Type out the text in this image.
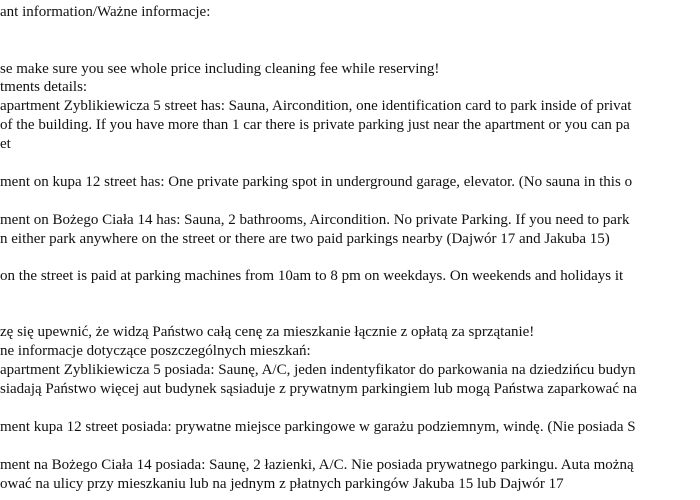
ant information/Ważne informacje:
se make sure you see whole price including cleaning fee while reserving!
tments details:
apartment Zyblikiewicza 5 street has: Sauna, Aircondition, one identification card to park inside of privat
of the building. If you have more than 1 car there is private parking just near the apartment or you can pa
et
ment on kupa 12 street has: One private parking spot in underground garage, elevator. (No sauna in this o
ment on Bożego Ciała 14 has: Sauna, 2 bathrooms, Aircondition. No private Parking. If you need to park
n either park anywhere on the street or there are two paid parkings nearby (Dajwór 17 and Jakuba 15)
on the street is paid at parking machines from 10am to 8 pm on weekdays. On weekends and holidays it
zę się upewnić, że widzą Państwo całą cenę za mieszkanie łącznie z opłatą za sprzątanie!
ne informacje dotyczące poszczególnych mieszkań:
apartment Zyblikiewicza 5 posiada: Saunę, A/C, jeden indentyfikator do parkowania na dziedzińcu budyn
siadają Państwo więcej aut budynek sąsiaduje z prywatnym parkingiem lub mogą Państwa zaparkować na
ment kupa 12 street posiada: prywatne miejsce parkingowe w garażu podziemnym, windę. (Nie posiada S
ment na Bożego Ciała 14 posiada: Saunę, 2 łazienki, A/C. Nie posiada prywatnego parkingu. Auta możną
ować na ulicy przy mieszkaniu lub na jednym z płatnych parkingów Jakuba 15 lub Dajwór 17
